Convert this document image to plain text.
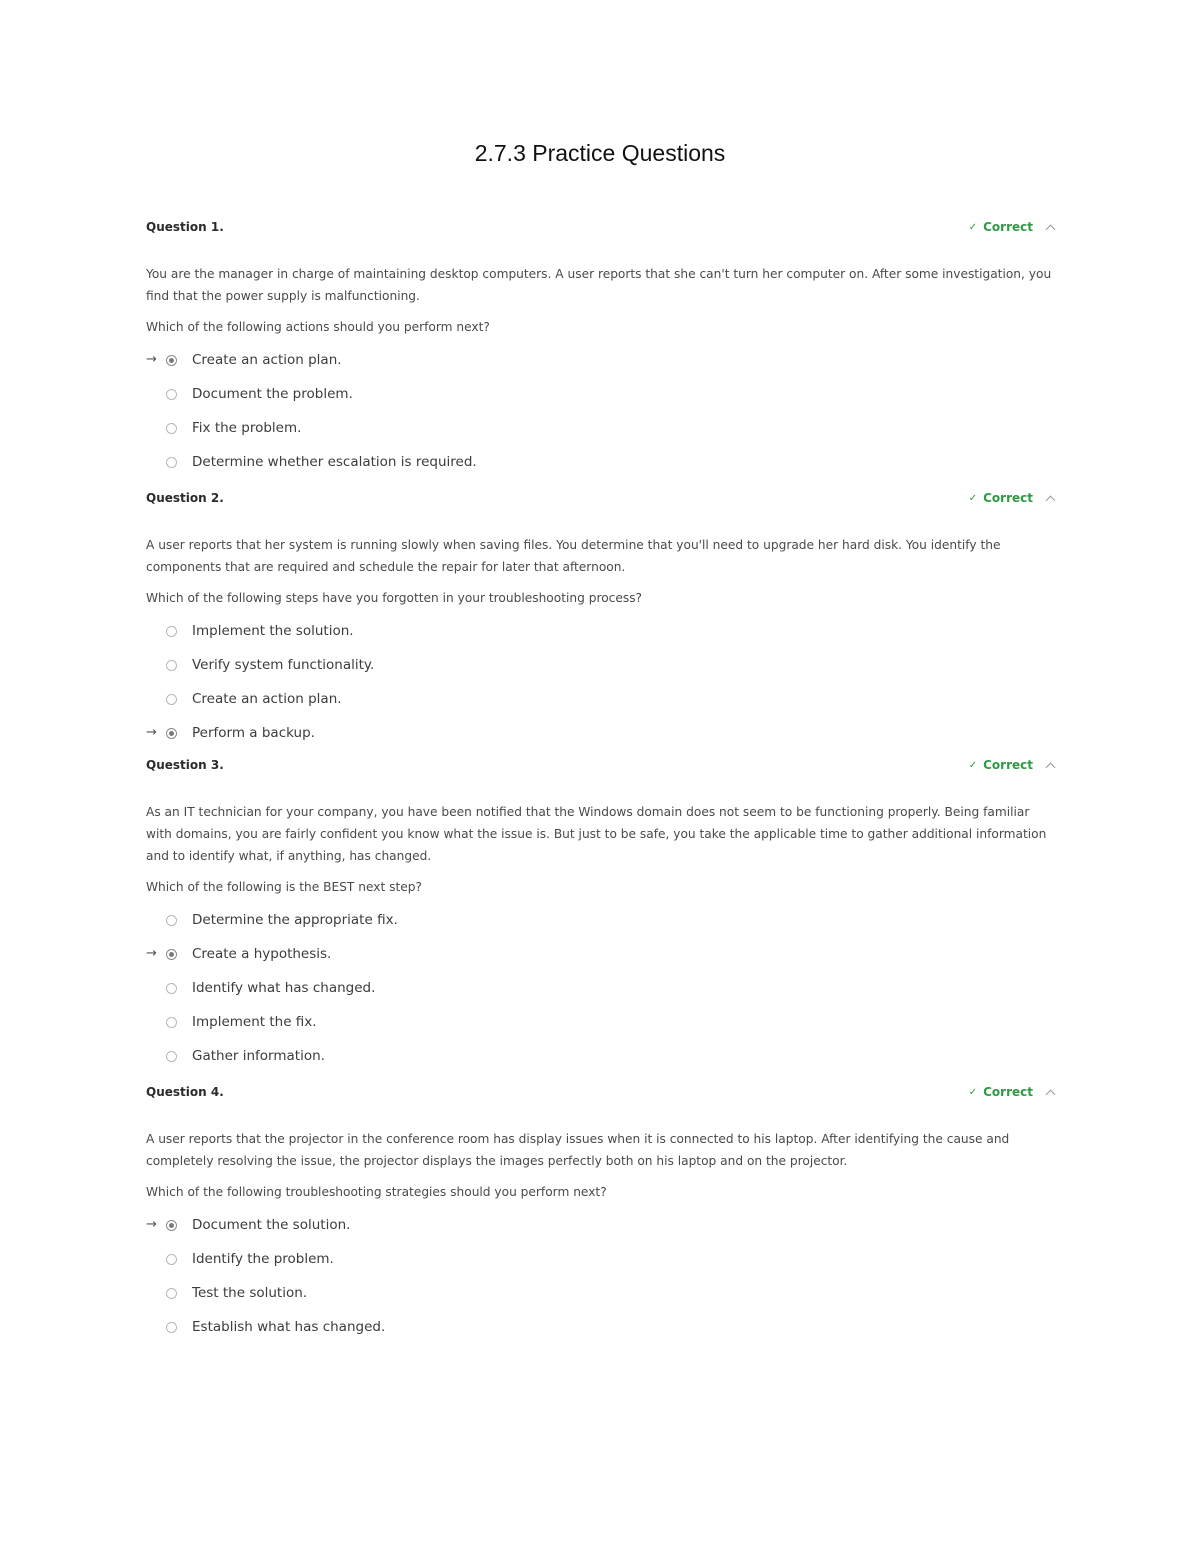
2.7.3 Practice Questions
Question 1.	✓ Correct

You are the manager in charge of maintaining desktop computers. A user reports that she can't turn her computer on. After some investigation, you find that the power supply is malfunctioning.

Which of the following actions should you perform next?

→	Create an action plan.
Document the problem.
Fix the problem.
Determine whether escalation is required.
Question 2.	✓ Correct

A user reports that her system is running slowly when saving files. You determine that you'll need to upgrade her hard disk. You identify the components that are required and schedule the repair for later that afternoon.

Which of the following steps have you forgotten in your troubleshooting process?

Implement the solution.
Verify system functionality.
Create an action plan.
→	Perform a backup.
Question 3.	✓ Correct

As an IT technician for your company, you have been notified that the Windows domain does not seem to be functioning properly. Being familiar with domains, you are fairly confident you know what the issue is. But just to be safe, you take the applicable time to gather additional information and to identify what, if anything, has changed.

Which of the following is the BEST next step?

Determine the appropriate fix.
→	Create a hypothesis.
Identify what has changed.
Implement the fix.
Gather information.
Question 4.	✓ Correct

A user reports that the projector in the conference room has display issues when it is connected to his laptop. After identifying the cause and completely resolving the issue, the projector displays the images perfectly both on his laptop and on the projector.

Which of the following troubleshooting strategies should you perform next?

→	Document the solution.
Identify the problem.
Test the solution.
Establish what has changed.
